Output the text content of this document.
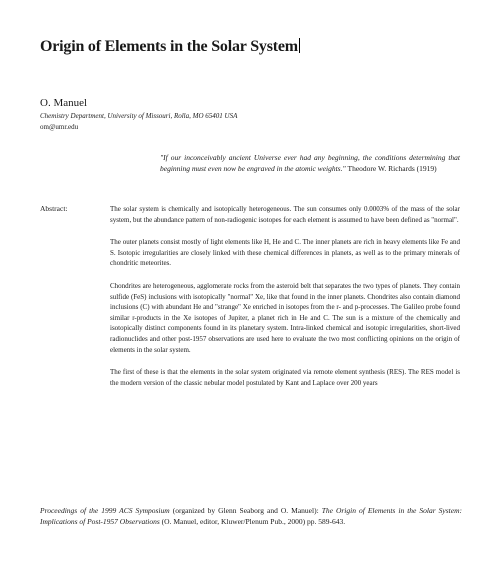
Origin of Elements in the Solar System
O. Manuel
Chemistry Department, University of Missouri, Rolla, MO 65401 USA
om@umr.edu
"If our inconceivably ancient Universe ever had any beginning, the conditions determining that beginning must even now be engraved in the atomic weights." Theodore W. Richards (1919)
Abstract:	The solar system is chemically and isotopically heterogeneous. The sun consumes only 0.0003% of the mass of the solar system, but the abundance pattern of non-radiogenic isotopes for each element is assumed to have been defined as "normal".

The outer planets consist mostly of light elements like H, He and C. The inner planets are rich in heavy elements like Fe and S. Isotopic irregularities are closely linked with these chemical differences in planets, as well as to the primary minerals of chondritic meteorites.

Chondrites are heterogeneous, agglomerate rocks from the asteroid belt that separates the two types of planets. They contain sulfide (FeS) inclusions with isotopically "normal" Xe, like that found in the inner planets. Chondrites also contain diamond inclusions (C) with abundant He and "strange" Xe enriched in isotopes from the r- and p-processes. The Galileo probe found similar r-products in the Xe isotopes of Jupiter, a planet rich in He and C. The sun is a mixture of the chemically and isotopically distinct components found in its planetary system. Intra-linked chemical and isotopic irregularities, short-lived radionuclides and other post-1957 observations are used here to evaluate the two most conflicting opinions on the origin of elements in the solar system.

The first of these is that the elements in the solar system originated via remote element synthesis (RES). The RES model is the modern version of the classic nebular model postulated by Kant and Laplace over 200 years

Proceedings of the 1999 ACS Symposium (organized by Glenn Seaborg and O. Manuel): The Origin of Elements in the Solar System: Implications of Post-1957 Observations (O. Manuel, editor, Kluwer/Plenum Pub., 2000) pp. 589-643.
